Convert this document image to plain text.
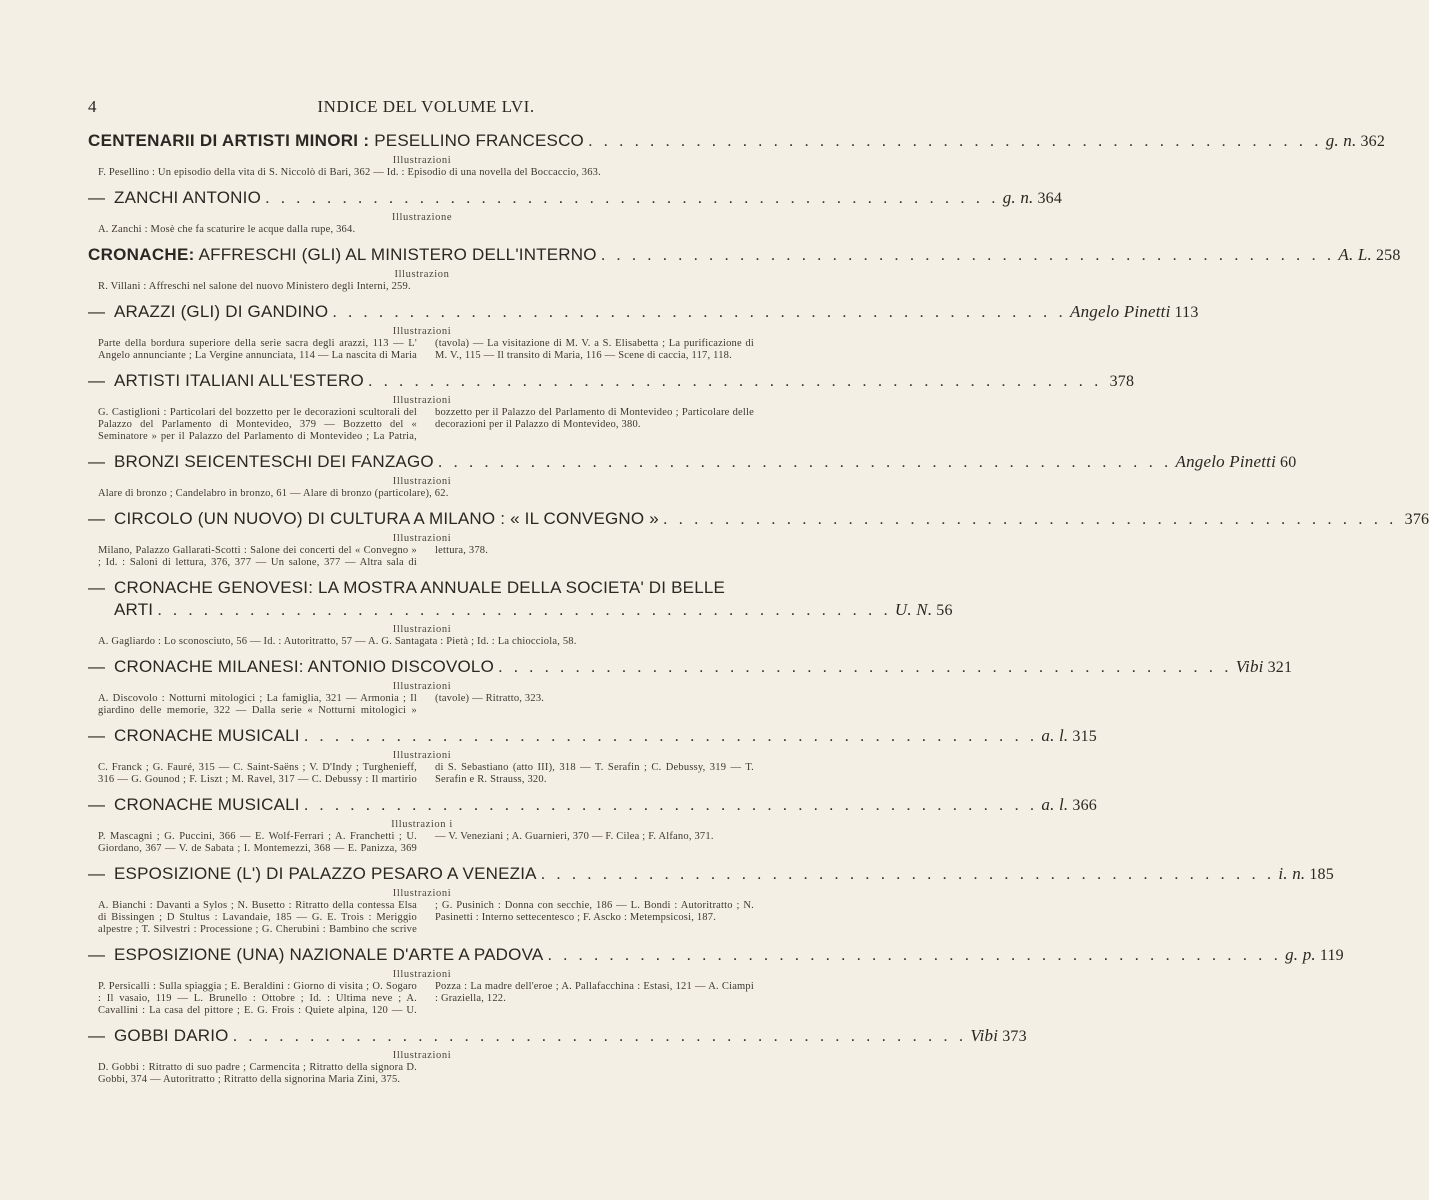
4	INDICE DEL VOLUME LVI.
CENTENARII DI ARTISTI MINORI : PESELLINO FRANCESCO . . . . . . . . . . . . . . . . . . . . . . . . . . . . . . . . . . . . . . . . . . . . . . . . g. n. 362
Illustrazioni
F. Pesellino : Un episodio della vita di S. Niccolò di Bari, 362 — Id. : Episodio di una novella del Boccaccio, 363.
— ZANCHI ANTONIO . . . . . . . . . . . . . . . . . . . . . . . . . . . . . . . . . . . . . . . . . . . . . . . . g. n. 364
Illustrazione
A. Zanchi : Mosè che fa scaturire le acque dalla rupe, 364.
CRONACHE: AFFRESCHI (GLI) AL MINISTERO DELL'INTERNO . . . . . . . . . . . . . . . . . . . . . . . . . . . . . . . . . . . . . . . . . . . . . . . . A. L. 258
Illustrazion
R. Villani : Affreschi nel salone del nuovo Ministero degli Interni, 259.
— ARAZZI (GLI) DI GANDINO . . . . . . . . . . . . . . . . . . . . . . . . . . . . . . . . . . . . . . . . . . . . . . . . Angelo Pinetti 113
Illustrazioni
Parte della bordura superiore della serie sacra degli arazzi, 113 — L' Angelo annunciante ; La Vergine annunciata, 114 — La nascita di Maria (tavola) — La visitazione di M. V. a S. Elisabetta ; La purificazione di M. V., 115 — Il transito di Maria, 116 — Scene di caccia, 117, 118.
— ARTISTI ITALIANI ALL'ESTERO . . . . . . . . . . . . . . . . . . . . . . . . . . . . . . . . . . . . . . . . . . . . . . . . 378
Illustrazioni
G. Castiglioni : Particolari del bozzetto per le decorazioni scultorali del Palazzo del Parlamento di Montevideo, 379 — Bozzetto del « Seminatore » per il Palazzo del Parlamento di Montevideo ; La Patria, bozzetto per il Palazzo del Parlamento di Montevideo ; Particolare delle decorazioni per il Palazzo di Montevideo, 380.
— BRONZI SEICENTESCHI DEI FANZAGO . . . . . . . . . . . . . . . . . . . . . . . . . . . . . . . . . . . . . . . . . . . . . . . . Angelo Pinetti 60
Illustrazioni
Alare di bronzo ; Candelabro in bronzo, 61 — Alare di bronzo (particolare), 62.
— CIRCOLO (UN NUOVO) DI CULTURA A MILANO : « IL CONVEGNO » . . . . . . . . . . . . . . . . . . . . . . . . . . . . . . . . . . . . . . . . . . . . . . . . 376
Illustrazioni
Milano, Palazzo Gallarati-Scotti : Salone dei concerti del « Convegno » ; Id. : Saloni di lettura, 376, 377 — Un salone, 377 — Altra sala di lettura, 378.
— CRONACHE GENOVESI: LA MOSTRA ANNUALE DELLA SOCIETA' DI BELLE
ARTI . . . . . . . . . . . . . . . . . . . . . . . . . . . . . . . . . . . . . . . . . . . . . . . . U. N. 56
Illustrazioni
A. Gagliardo : Lo sconosciuto, 56 — Id. : Autoritratto, 57 — A. G. Santagata : Pietà ; Id. : La chiocciola, 58.
— CRONACHE MILANESI: ANTONIO DISCOVOLO . . . . . . . . . . . . . . . . . . . . . . . . . . . . . . . . . . . . . . . . . . . . . . . . Vibi 321
Illustrazioni
A. Discovolo : Notturni mitologici ; La famiglia, 321 — Armonia ; Il giardino delle memorie, 322 — Dalla serie « Notturni mitologici » (tavole) — Ritratto, 323.
— CRONACHE MUSICALI . . . . . . . . . . . . . . . . . . . . . . . . . . . . . . . . . . . . . . . . . . . . . . . . a. l. 315
Illustrazioni
C. Franck ; G. Fauré, 315 — C. Saint-Saëns ; V. D'Indy ; Turghenieff, 316 — G. Gounod ; F. Liszt ; M. Ravel, 317 — C. Debussy : Il martirio di S. Sebastiano (atto III), 318 — T. Serafin ; C. Debussy, 319 — T. Serafin e R. Strauss, 320.
— CRONACHE MUSICALI . . . . . . . . . . . . . . . . . . . . . . . . . . . . . . . . . . . . . . . . . . . . . . . . a. l. 366
Illustrazion i
P. Mascagni ; G. Puccini, 366 — E. Wolf-Ferrari ; A. Franchetti ; U. Giordano, 367 — V. de Sabata ; I. Montemezzi, 368 — E. Panizza, 369 — V. Veneziani ; A. Guarnieri, 370 — F. Cilea ; F. Alfano, 371.
— ESPOSIZIONE (L') DI PALAZZO PESARO A VENEZIA . . . . . . . . . . . . . . . . . . . . . . . . . . . . . . . . . . . . . . . . . . . . . . . . i. n. 185
Illustrazioni
A. Bianchi : Davanti a Sylos ; N. Busetto : Ritratto della contessa Elsa di Bissingen ; D Stultus : Lavandaie, 185 — G. E. Trois : Meriggio alpestre ; T. Silvestri : Processione ; G. Cherubini : Bambino che scrive ; G. Pusinich : Donna con secchie, 186 — L. Bondi : Autoritratto ; N. Pasinetti : Interno settecentesco ; F. Ascko : Metempsicosi, 187.
— ESPOSIZIONE (UNA) NAZIONALE D'ARTE A PADOVA . . . . . . . . . . . . . . . . . . . . . . . . . . . . . . . . . . . . . . . . . . . . . . . . g. p. 119
Illustrazioni
P. Persicalli : Sulla spiaggia ; E. Beraldini : Giorno di visita ; O. Sogaro : Il vasaio, 119 — L. Brunello : Ottobre ; Id. : Ultima neve ; A. Cavallini : La casa del pittore ; E. G. Frois : Quiete alpina, 120 — U. Pozza : La madre dell'eroe ; A. Pallafacchina : Estasi, 121 — A. Ciampi : Graziella, 122.
— GOBBI DARIO . . . . . . . . . . . . . . . . . . . . . . . . . . . . . . . . . . . . . . . . . . . . . . . . Vibi 373
Illustrazioni
D. Gobbi : Ritratto di suo padre ; Carmencita ; Ritratto della signora D. Gobbi, 374 — Autoritratto ; Ritratto della signorina Maria Zini, 375.
